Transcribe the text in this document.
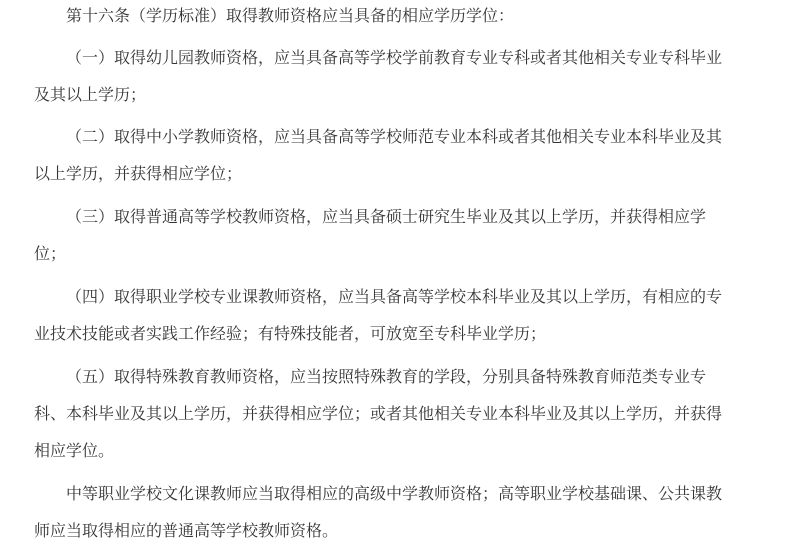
第十六条（学历标准）取得教师资格应当具备的相应学历学位：
（一）取得幼儿园教师资格，应当具备高等学校学前教育专业专科或者其他相关专业专科毕业
及其以上学历；
（二）取得中小学教师资格，应当具备高等学校师范专业本科或者其他相关专业本科毕业及其
以上学历，并获得相应学位；
（三）取得普通高等学校教师资格，应当具备硕士研究生毕业及其以上学历，并获得相应学
位；
（四）取得职业学校专业课教师资格，应当具备高等学校本科毕业及其以上学历，有相应的专
业技术技能或者实践工作经验；有特殊技能者，可放宽至专科毕业学历；
（五）取得特殊教育教师资格，应当按照特殊教育的学段，分别具备特殊教育师范类专业专
科、本科毕业及其以上学历，并获得相应学位；或者其他相关专业本科毕业及其以上学历，并获得
相应学位。
中等职业学校文化课教师应当取得相应的高级中学教师资格；高等职业学校基础课、公共课教
师应当取得相应的普通高等学校教师资格。
